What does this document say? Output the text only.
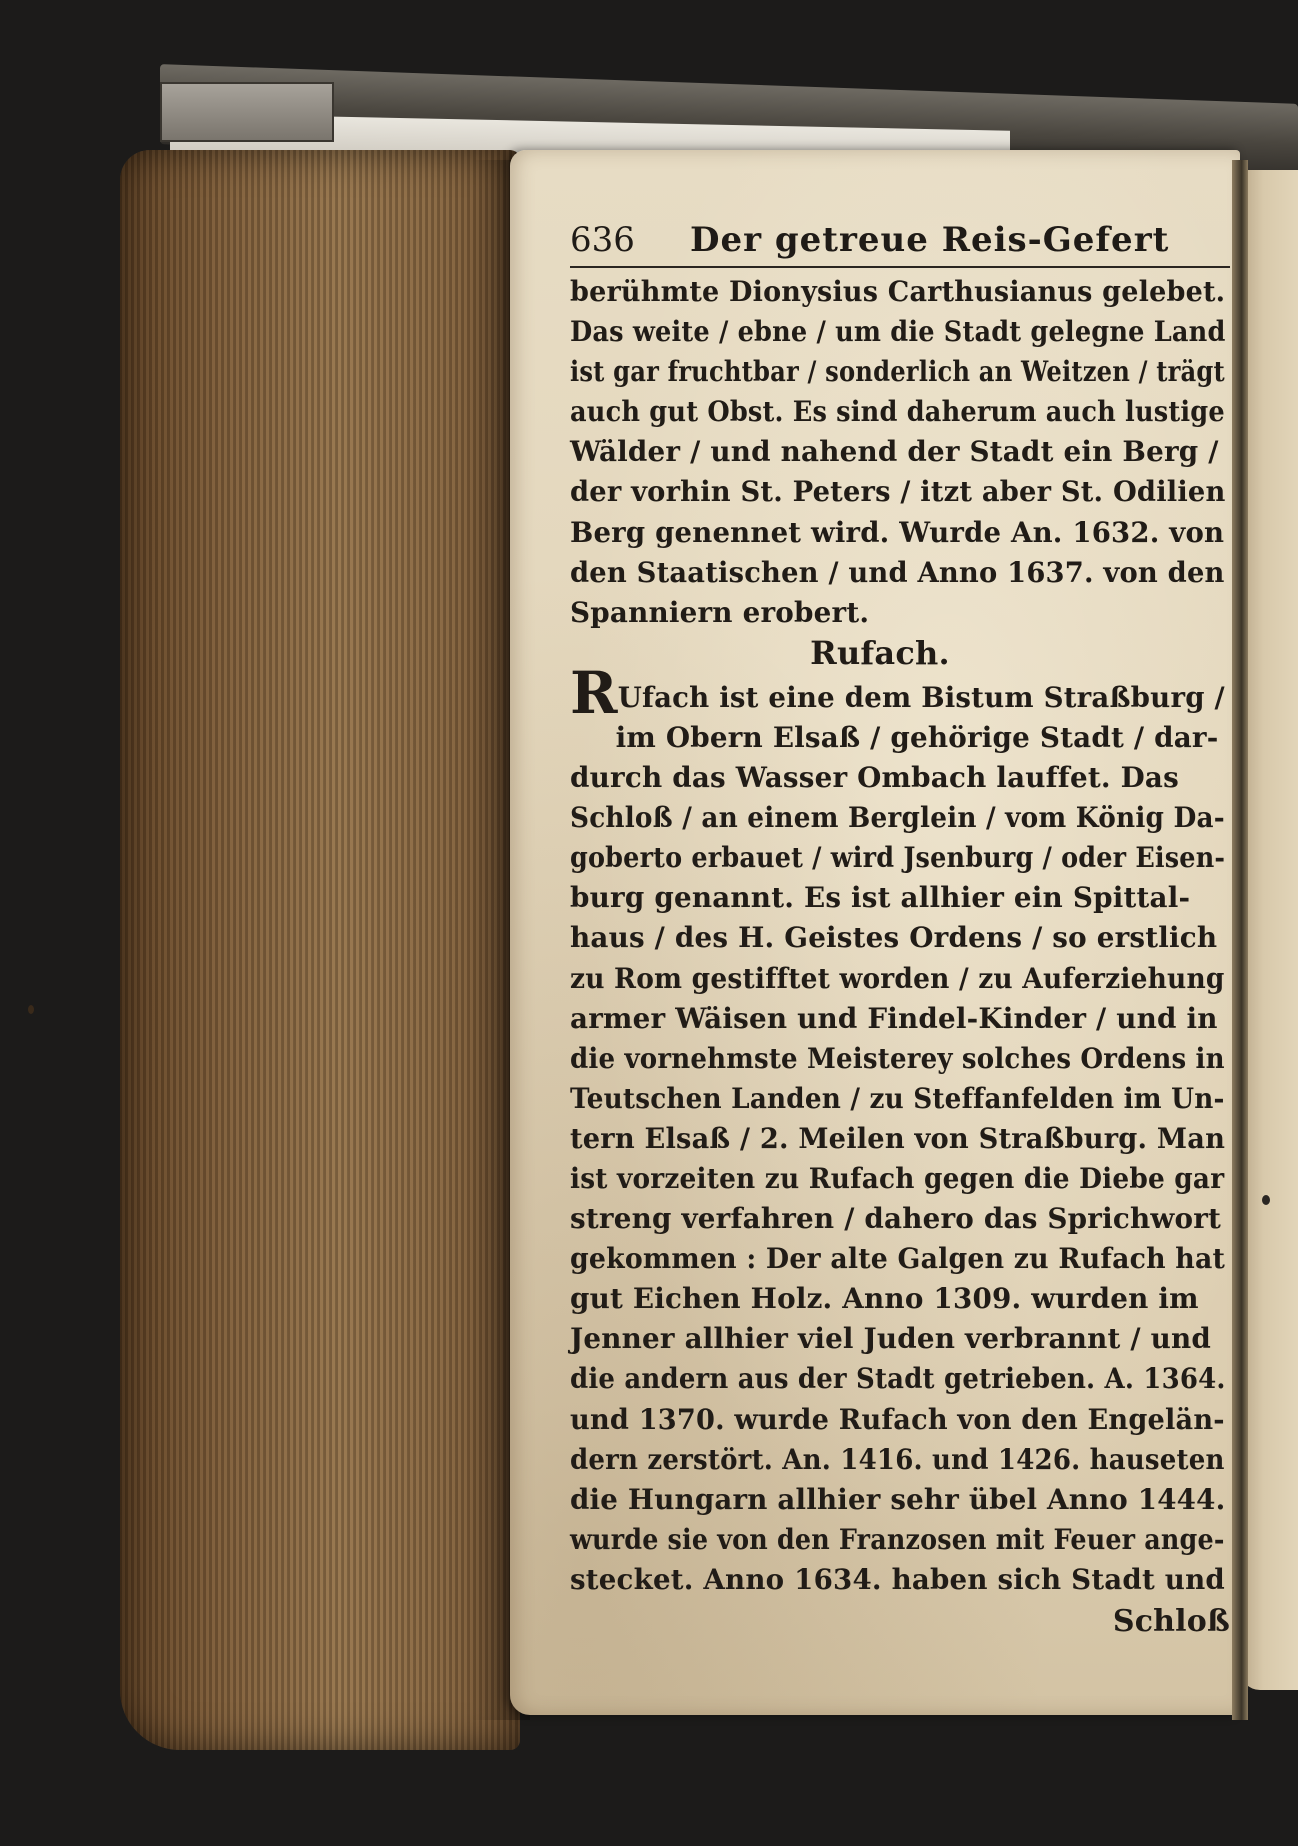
636	Der getreue Reis-Gefert
berühmte Dionysius Carthusianus gelebet.
Das weite / ebne / um die Stadt gelegne Land
ist gar fruchtbar / sonderlich an Weitzen / trägt
auch gut Obst. Es sind daherum auch lustige
Wälder / und nahend der Stadt ein Berg /
der vorhin St. Peters / itzt aber St. Odilien
Berg genennet wird. Wurde An. 1632. von
den Staatischen / und Anno 1637. von den
Spanniern erobert.
Rufach.
RUfach ist eine dem Bistum Straßburg /
im Obern Elsaß / gehörige Stadt / dar-
durch das Wasser Ombach lauffet. Das
Schloß / an einem Berglein / vom König Da-
goberto erbauet / wird Jsenburg / oder Eisen-
burg genannt. Es ist allhier ein Spittal-
haus / des H. Geistes Ordens / so erstlich
zu Rom gestifftet worden / zu Auferziehung
armer Wäisen und Findel-Kinder / und in
die vornehmste Meisterey solches Ordens in
Teutschen Landen / zu Steffanfelden im Un-
tern Elsaß / 2. Meilen von Straßburg. Man
ist vorzeiten zu Rufach gegen die Diebe gar
streng verfahren / dahero das Sprichwort
gekommen : Der alte Galgen zu Rufach hat
gut Eichen Holz. Anno 1309. wurden im
Jenner allhier viel Juden verbrannt / und
die andern aus der Stadt getrieben. A. 1364.
und 1370. wurde Rufach von den Engelän-
dern zerstört. An. 1416. und 1426. hauseten
die Hungarn allhier sehr übel Anno 1444.
wurde sie von den Franzosen mit Feuer ange-
stecket. Anno 1634. haben sich Stadt und
Schloß
